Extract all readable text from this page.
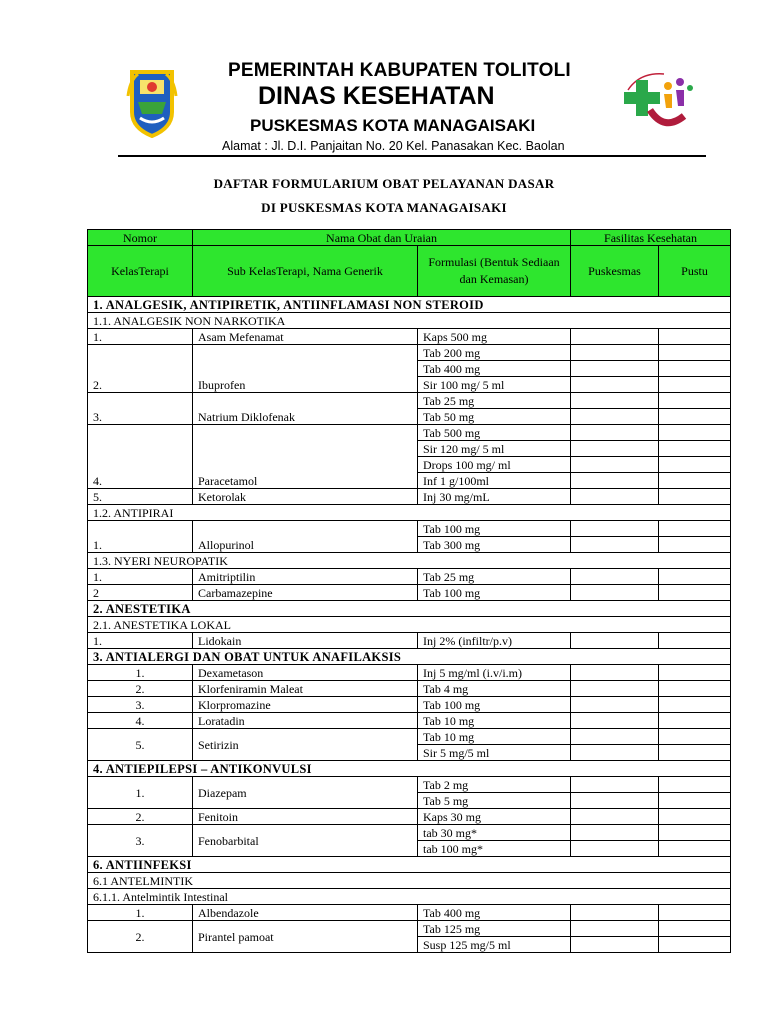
PEMERINTAH KABUPATEN TOLITOLI
DINAS KESEHATAN
PUSKESMAS KOTA MANAGAISAKI
Alamat : Jl. D.I. Panjaitan No. 20 Kel. Panasakan Kec. Baolan
DAFTAR FORMULARIUM OBAT PELAYANAN DASAR
DI PUSKESMAS KOTA MANAGAISAKI
Nomor	Nama Obat dan Uraian		Fasilitas Kesehatan	
KelasTerapi	Sub KelasTerapi, Nama Generik	Formulasi (Bentuk Sediaan dan Kemasan)	Puskesmas	Pustu
1. ANALGESIK, ANTIPIRETIK, ANTIINFLAMASI NON STEROID				
1.1. ANALGESIK NON NARKOTIKA				
1.	Asam Mefenamat	Kaps 500 mg		
2.	Ibuprofen	Tab 200 mg		
		Tab 400 mg		
		Sir 100 mg/ 5 ml		
3.	Natrium Diklofenak	Tab 25 mg		
		Tab 50 mg		
4.	Paracetamol	Tab 500 mg		
		Sir 120 mg/ 5 ml		
		Drops 100 mg/ ml		
		Inf 1 g/100ml		
5.	Ketorolak	Inj 30 mg/mL		
1.2. ANTIPIRAI				
1.	Allopurinol	Tab 100 mg		
		Tab 300 mg		
1.3. NYERI NEUROPATIK				
1.	Amitriptilin	Tab 25 mg		
2	Carbamazepine	Tab 100 mg		
2. ANESTETIKA				
2.1. ANESTETIKA LOKAL				
1.	Lidokain	Inj 2% (infiltr/p.v)		
3. ANTIALERGI DAN OBAT UNTUK ANAFILAKSIS				
1.	Dexametason	Inj 5 mg/ml (i.v/i.m)		
2.	Klorfeniramin Maleat	Tab 4 mg		
3.	Klorpromazine	Tab 100 mg		
4.	Loratadin	Tab 10 mg		
5.	Setirizin	Tab 10 mg		
		Sir 5 mg/5 ml		
4. ANTIEPILEPSI – ANTIKONVULSI				
1.	Diazepam	Tab 2 mg		
		Tab 5 mg		
2.	Fenitoin	Kaps 30 mg		
3.	Fenobarbital	tab 30 mg*		
		tab 100 mg*		
6. ANTIINFEKSI				
6.1 ANTELMINTIK				
6.1.1. Antelmintik Intestinal				
1.	Albendazole	Tab 400 mg		
2.	Pirantel pamoat	Tab 125 mg		
		Susp 125 mg/5 ml		
